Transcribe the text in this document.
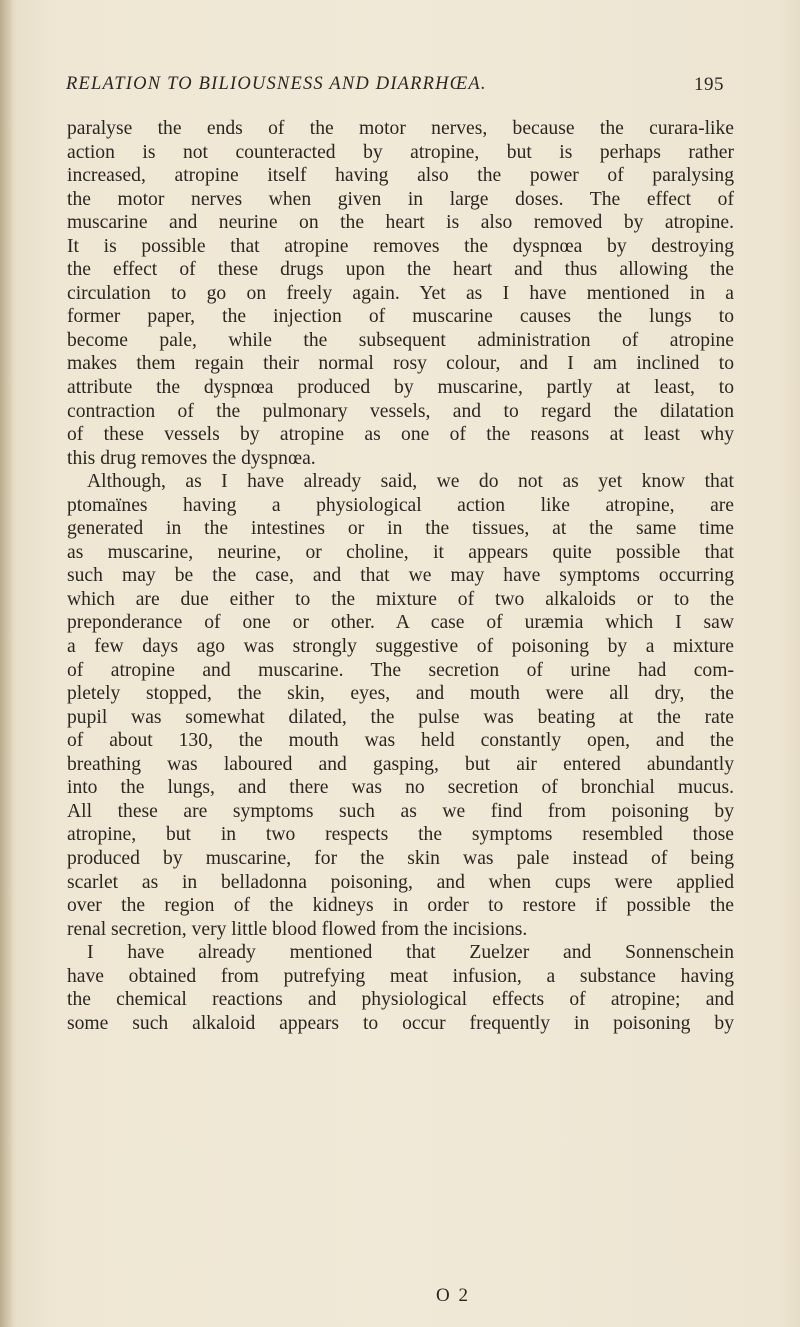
RELATION TO BILIOUSNESS AND DIARRHŒA.	195
paralyse the ends of the motor nerves, because the curara-like
action is not counteracted by atropine, but is perhaps rather
increased, atropine itself having also the power of paralysing
the motor nerves when given in large doses. The effect of
muscarine and neurine on the heart is also removed by atropine.
It is possible that atropine removes the dyspnœa by destroying
the effect of these drugs upon the heart and thus allowing the
circulation to go on freely again. Yet as I have mentioned in a
former paper, the injection of muscarine causes the lungs to
become pale, while the subsequent administration of atropine
makes them regain their normal rosy colour, and I am inclined to
attribute the dyspnœa produced by muscarine, partly at least, to
contraction of the pulmonary vessels, and to regard the dilatation
of these vessels by atropine as one of the reasons at least why
this drug removes the dyspnœa.
Although, as I have already said, we do not as yet know that
ptomaïnes having a physiological action like atropine, are
generated in the intestines or in the tissues, at the same time
as muscarine, neurine, or choline, it appears quite possible that
such may be the case, and that we may have symptoms occurring
which are due either to the mixture of two alkaloids or to the
preponderance of one or other. A case of uræmia which I saw
a few days ago was strongly suggestive of poisoning by a mixture
of atropine and muscarine. The secretion of urine had com-
pletely stopped, the skin, eyes, and mouth were all dry, the
pupil was somewhat dilated, the pulse was beating at the rate
of about 130, the mouth was held constantly open, and the
breathing was laboured and gasping, but air entered abundantly
into the lungs, and there was no secretion of bronchial mucus.
All these are symptoms such as we find from poisoning by
atropine, but in two respects the symptoms resembled those
produced by muscarine, for the skin was pale instead of being
scarlet as in belladonna poisoning, and when cups were applied
over the region of the kidneys in order to restore if possible the
renal secretion, very little blood flowed from the incisions.
I have already mentioned that Zuelzer and Sonnenschein
have obtained from putrefying meat infusion, a substance having
the chemical reactions and physiological effects of atropine; and
some such alkaloid appears to occur frequently in poisoning by
O 2
